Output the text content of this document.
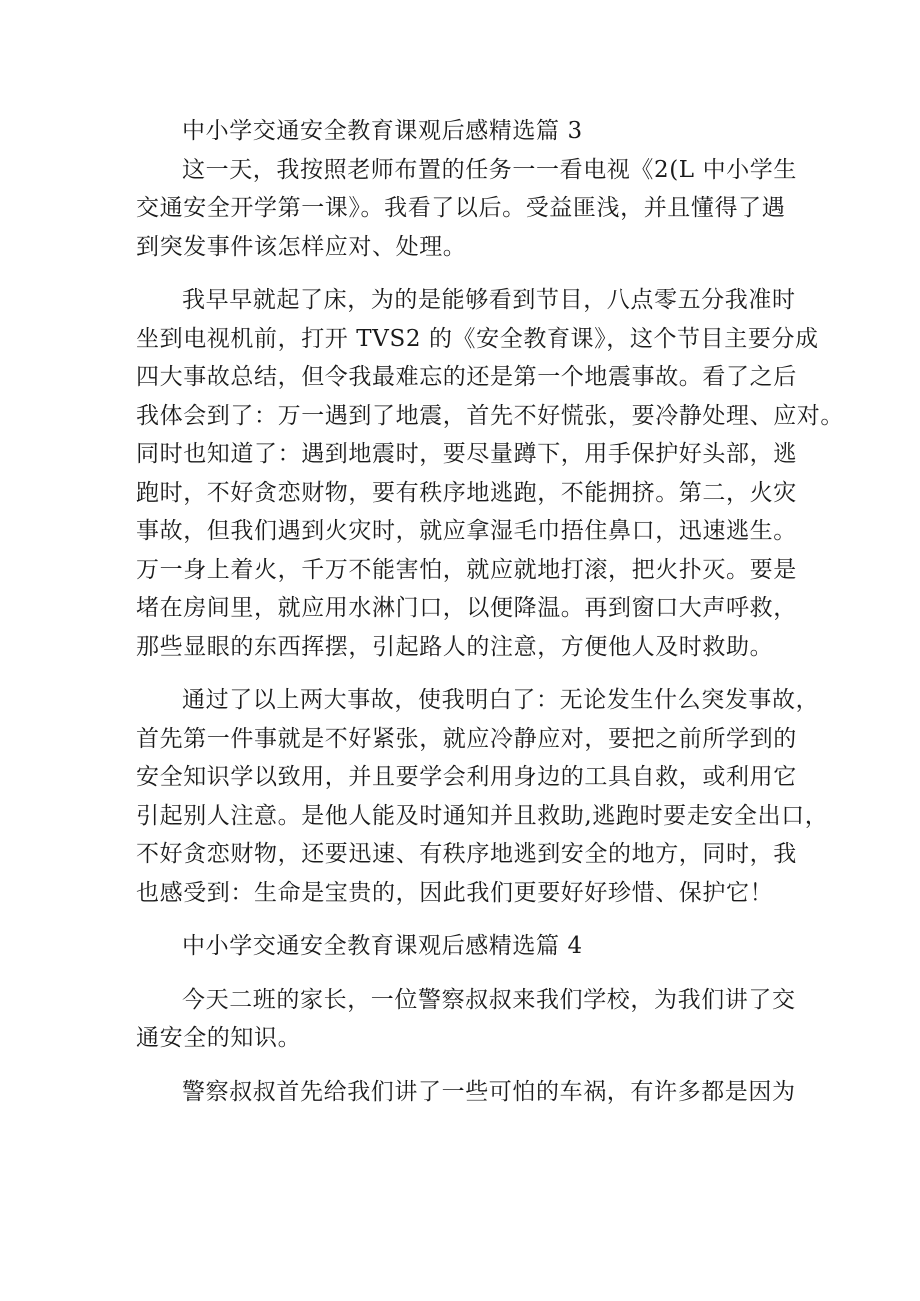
中小学交通安全教育课观后感精选篇 3
这一天，我按照老师布置的任务一一看电视《2(L 中小学生
交通安全开学第一课》。我看了以后。受益匪浅，并且懂得了遇
到突发事件该怎样应对、处理。
我早早就起了床，为的是能够看到节目，八点零五分我准时
坐到电视机前，打开 TVS2 的《安全教育课》，这个节目主要分成
四大事故总结，但令我最难忘的还是第一个地震事故。看了之后
我体会到了：万一遇到了地震，首先不好慌张，要冷静处理、应对。
同时也知道了：遇到地震时，要尽量蹲下，用手保护好头部，逃
跑时，不好贪恋财物，要有秩序地逃跑，不能拥挤。第二，火灾
事故，但我们遇到火灾时，就应拿湿毛巾捂住鼻口，迅速逃生。
万一身上着火，千万不能害怕，就应就地打滚，把火扑灭。要是
堵在房间里，就应用水淋门口，以便降温。再到窗口大声呼救，
那些显眼的东西挥摆，引起路人的注意，方便他人及时救助。
通过了以上两大事故，使我明白了：无论发生什么突发事故，
首先第一件事就是不好紧张，就应冷静应对，要把之前所学到的
安全知识学以致用，并且要学会利用身边的工具自救，或利用它
引起别人注意。是他人能及时通知并且救助,逃跑时要走安全出口，
不好贪恋财物，还要迅速、有秩序地逃到安全的地方，同时，我
也感受到：生命是宝贵的，因此我们更要好好珍惜、保护它！
中小学交通安全教育课观后感精选篇 4
今天二班的家长，一位警察叔叔来我们学校，为我们讲了交
通安全的知识。
警察叔叔首先给我们讲了一些可怕的车祸，有许多都是因为
